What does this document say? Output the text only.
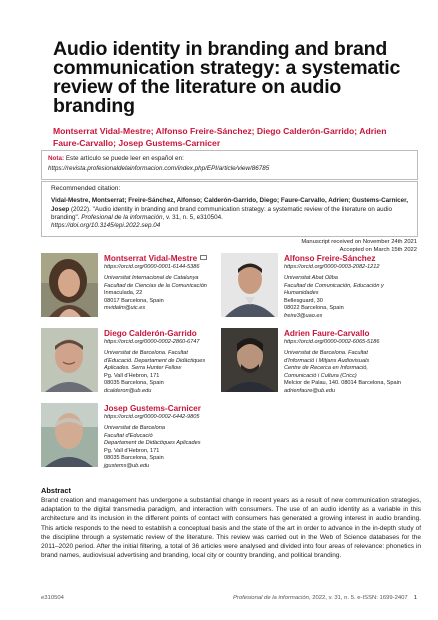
Audio identity in branding and brand communication strategy: a systematic review of the literature on audio branding
Montserrat Vidal-Mestre; Alfonso Freire-Sánchez; Diego Calderón-Garrido; Adrien Faure-Carvallo; Josep Gustems-Carnicer
Nota: Este artículo se puede leer en español en:
https://revista.profesionaldelainformacion.com/index.php/EPI/article/view/86785
Recommended citation:
Vidal-Mestre, Montserrat; Freire-Sánchez, Alfonso; Calderón-Garrido, Diego; Faure-Carvallo, Adrien; Gustems-Carnicer, Josep (2022). "Audio identity in branding and brand communication strategy: a systematic review of the literature on audio branding". Profesional de la información, v. 31, n. 5, e310504.
https://doi.org/10.3145/epi.2022.sep.04
Manuscript received on November 24th 2021
Accepted on March 15th 2022
Montserrat Vidal-Mestre
https://orcid.org/0000-0001-6144-5386
Universitat Internacional de Catalunya
Facultad de Ciencias de la Comunicación
Inmaculada, 22
08017 Barcelona, Spain
mvidalm@uic.es
Alfonso Freire-Sánchez
https://orcid.org/0000-0003-2082-1212
Universitat Abat Oliba
Facultad de Comunicación, Educación y
Humanidades
Bellesguard, 30
08022 Barcelona, Spain
freire3@uao.es
Diego Calderón-Garrido
https://orcid.org/0000-0002-2860-6747
Universitat de Barcelona. Facultat
d'Educació. Departament de Didàctiques
Aplicades. Serra Hunter Fellow
Pg. Vall d'Hebron, 171
08035 Barcelona, Spain
dcalderon@ub.edu
Adrien Faure-Carvallo
https://orcid.org/0000-0002-6065-5186
Universitat de Barcelona. Facultat
d'Informació i Mitjans Audiovisuals
Centre de Recerca en Informació,
Comunicació i Cultura (Cricc)
Melcior de Palau, 140. 08014 Barcelona, Spain
adrienfaure@ub.edu
Josep Gustems-Carnicer
https://orcid.org/0000-0002-6442-9805
Universitat de Barcelona
Facultat d'Educació
Departament de Didàctiques Aplicades
Pg. Vall d'Hebron, 171
08035 Barcelona, Spain
jgustems@ub.edu
Abstract
Brand creation and management has undergone a substantial change in recent years as a result of new communication strategies, adaptation to the digital transmedia paradigm, and interaction with consumers. The use of an audio identity as a variable in this architecture and its inclusion in the different points of contact with consumers has generated a growing interest in audio branding. This article responds to the need to establish a conceptual basis and the state of the art in order to advance in the in-depth study of the discipline through a systematic review of the literature. This review was carried out in the Web of Science databases for the 2011–2020 period. After the initial filtering, a total of 36 articles were analysed and divided into four areas of relevance: phonetics in brand names, audiovisual advertising and branding, local city or country branding, and political branding.
e310504	Profesional de la información, 2022, v. 31, n. 5. e-ISSN: 1699-2407 1
